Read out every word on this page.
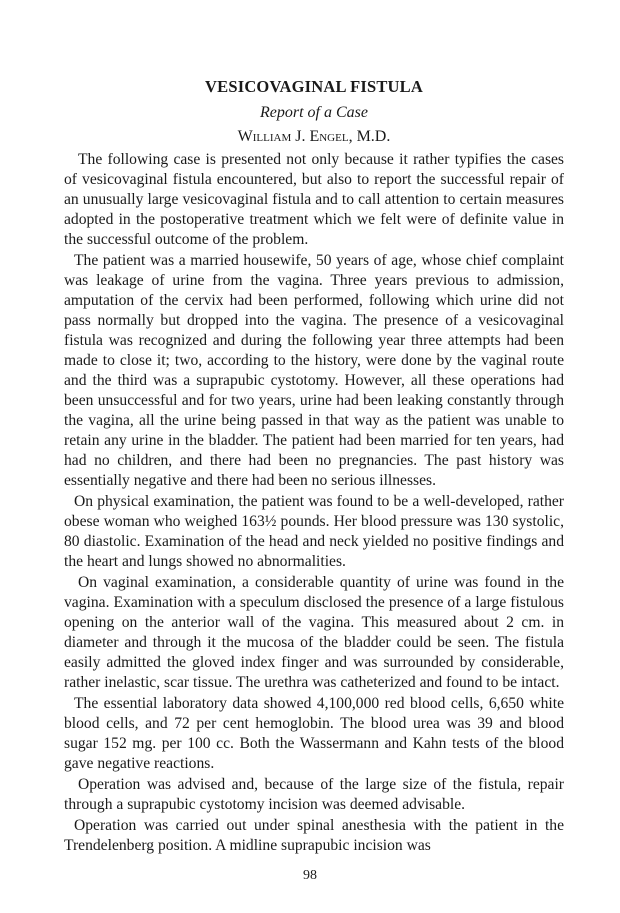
VESICOVAGINAL FISTULA
Report of a Case
William J. Engel, M.D.

The following case is presented not only because it rather typifies the cases of vesicovaginal fistula encountered, but also to report the successful repair of an unusually large vesicovaginal fistula and to call attention to certain measures adopted in the postoperative treatment which we felt were of definite value in the successful outcome of the problem.

The patient was a married housewife, 50 years of age, whose chief complaint was leakage of urine from the vagina. Three years previous to admission, amputation of the cervix had been performed, following which urine did not pass normally but dropped into the vagina. The presence of a vesicovaginal fistula was recognized and during the following year three attempts had been made to close it; two, according to the history, were done by the vaginal route and the third was a suprapubic cystotomy. However, all these operations had been unsuccessful and for two years, urine had been leaking constantly through the vagina, all the urine being passed in that way as the patient was unable to retain any urine in the bladder. The patient had been married for ten years, had had no children, and there had been no pregnancies. The past history was essentially negative and there had been no serious illnesses.

On physical examination, the patient was found to be a well-developed, rather obese woman who weighed 163½ pounds. Her blood pressure was 130 systolic, 80 diastolic. Examination of the head and neck yielded no positive findings and the heart and lungs showed no abnormalities.

On vaginal examination, a considerable quantity of urine was found in the vagina. Examination with a speculum disclosed the presence of a large fistulous opening on the anterior wall of the vagina. This measured about 2 cm. in diameter and through it the mucosa of the bladder could be seen. The fistula easily admitted the gloved index finger and was surrounded by considerable, rather inelastic, scar tissue. The urethra was catheterized and found to be intact.

The essential laboratory data showed 4,100,000 red blood cells, 6,650 white blood cells, and 72 per cent hemoglobin. The blood urea was 39 and blood sugar 152 mg. per 100 cc. Both the Wassermann and Kahn tests of the blood gave negative reactions.

Operation was advised and, because of the large size of the fistula, repair through a suprapubic cystotomy incision was deemed advisable.

Operation was carried out under spinal anesthesia with the patient in the Trendelenberg position. A midline suprapubic incision was

98
